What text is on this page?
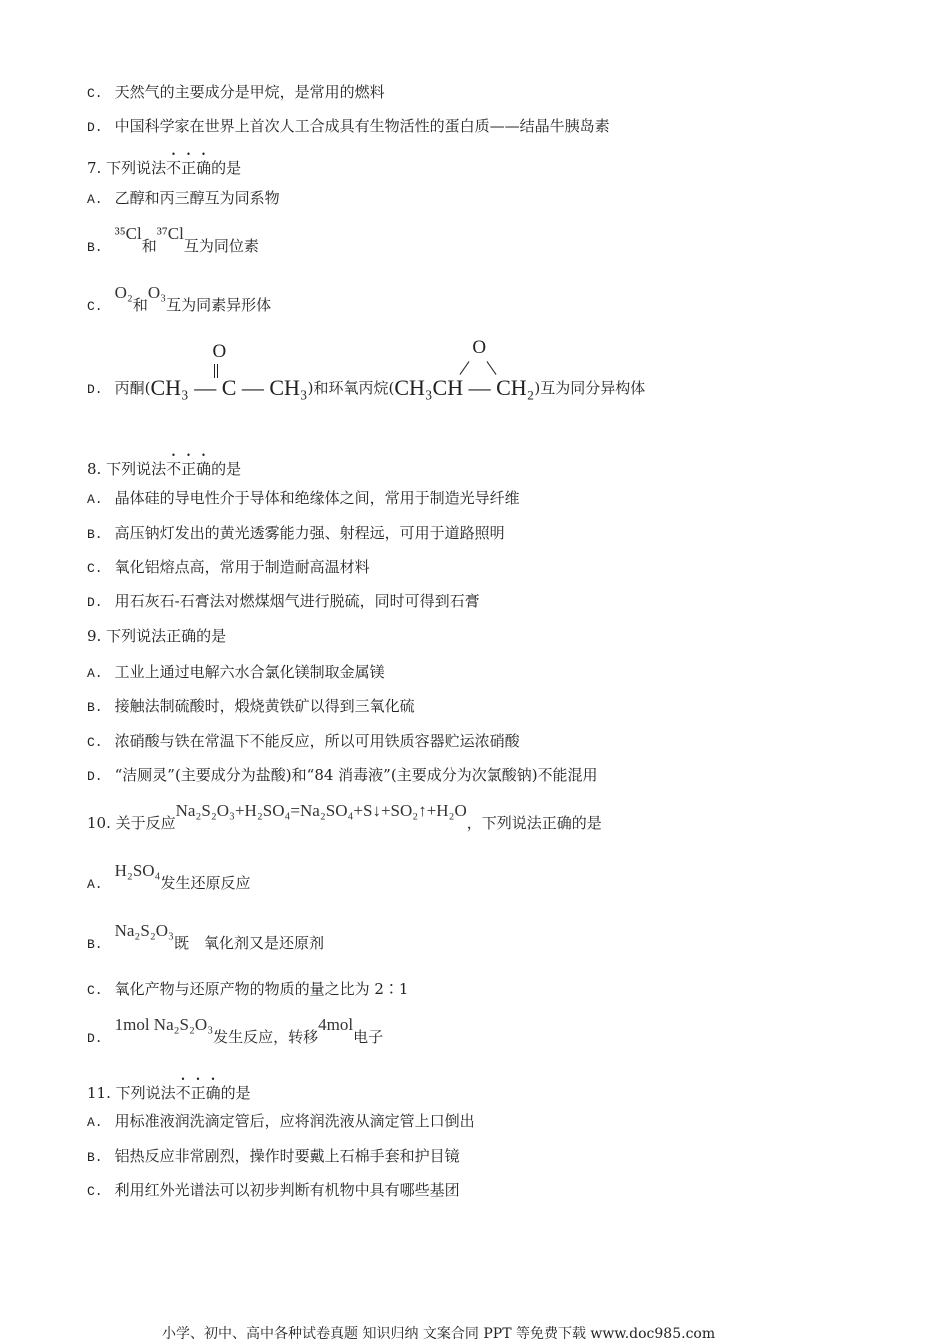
C. 天然气的主要成分是甲烷，是常用的燃料
D. 中国科学家在世界上首次人工合成具有生物活性的蛋白质——结晶牛胰岛素
7. 下列说法不正确的是
A. 乙醇和丙三醇互为同系物
B.³⁵Cl和³⁷Cl互为同位素
C.O₂和O₃互为同素异形体
D. 丙酮(
O
CH₃ — C — CH₃)和环氧丙烷(
O
CH₃CH — CH₂)互为同分异构体
8. 下列说法不正确的是
A. 晶体硅的导电性介于导体和绝缘体之间，常用于制造光导纤维
B. 高压钠灯发出的黄光透雾能力强、射程远，可用于道路照明
C. 氧化铝熔点高，常用于制造耐高温材料
D. 用石灰石-石膏法对燃煤烟气进行脱硫，同时可得到石膏
9. 下列说法正确的是
A. 工业上通过电解六水合氯化镁制取金属镁
B. 接触法制硫酸时，煅烧黄铁矿以得到三氧化硫
C. 浓硝酸与铁在常温下不能反应，所以可用铁质容器贮运浓硝酸
D. “洁厕灵”(主要成分为盐酸)和“84 消毒液”(主要成分为次氯酸钠)不能混用
10. 关于反应Na₂S₂O₃+H₂SO₄=Na₂SO₄+S↓+SO₂↑+H₂O，下列说法正确的是
A.H₂SO₄发生还原反应
B.Na₂S₂O₃既　氧化剂又是还原剂
C. 氧化产物与还原产物的物质的量之比为 2∶1
D.1mol Na₂S₂O₃发生反应，转移4mol电子
11. 下列说法不正确的是
A. 用标准液润洗滴定管后，应将润洗液从滴定管上口倒出
B. 铝热反应非常剧烈，操作时要戴上石棉手套和护目镜
C. 利用红外光谱法可以初步判断有机物中具有哪些基团
小学、初中、高中各种试卷真题 知识归纳 文案合同 PPT 等免费下载 www.doc985.com
